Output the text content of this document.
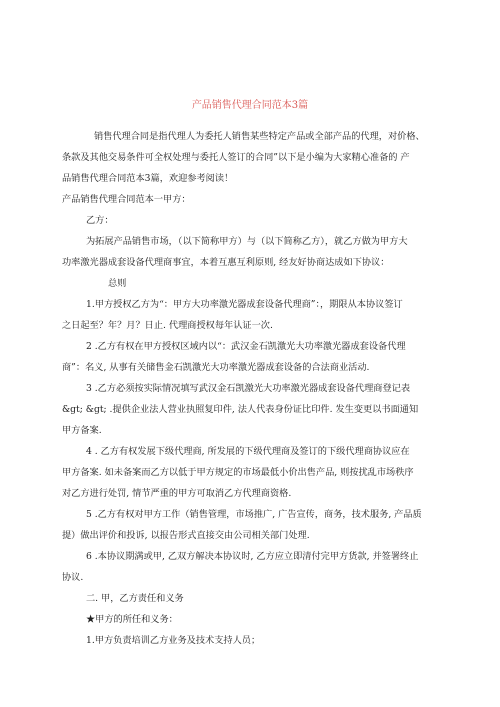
产品销售代理合同范本3篇
销售代理合同是指代理人为委托人销售某些特定产品或全部产品的代理，对价格、
条款及其他交易条件可全权处理与委托人签订的合同”以下是小编为大家精心准备的 产
品销售代理合同范本3篇，欢迎参考阅读！
产品销售代理合同范本一甲方：
乙方：
为拓展产品销售市场，（以下简称甲方）与（以下简称乙方），就乙方做为甲方大
功率激光器成套设备代理商事宜，本着互惠互利原则, 经友好协商达成如下协议：
总则
1.甲方授权乙方为“：甲方大功率激光器成套设备代理商”：，期限从本协议签订
之日起至？年？月？日止. 代理商授权每年认证一次.
2 .乙方有权在甲方授权区域内以“：武汉金石凯激光大功率激光器成套设备代理
商”：名义, 从事有关储售金石凯激光大功率激光器成套设备的合法商业活动.
3 .乙方必须按实际情况填写武汉金石凯激光大功率激光器成套设备代理商登记表
&gt; &gt; .提供企业法人营业执照复印件, 法人代表身份证比印件. 发生变更以书面通知
甲方备案.
4 . 乙方有权发展下级代理商, 所发展的下级代理商及签订的下级代理商协议应在
甲方备案. 如未备案而乙方以低于甲方规定的市场最低小价出售产品, 则按扰乱市场秩序
对乙方进行处罚, 情节严重的甲方可取消乙方代理商资格.
5 .乙方有权对甲方工作（销售管理，市场推广, 广告宣传，商务，技术服务, 产品质
提）做出评价和投诉, 以报告形式直接交由公司相关部门处理.
6 .本协议期满或甲, 乙双方解决本协议时, 乙方应立即清付完甲方货款, 并签署终止
协议.
二. 甲，乙方责任和义务
★甲方的所任和义务：
1.甲方负责培训乙方业务及技术支持人员；
